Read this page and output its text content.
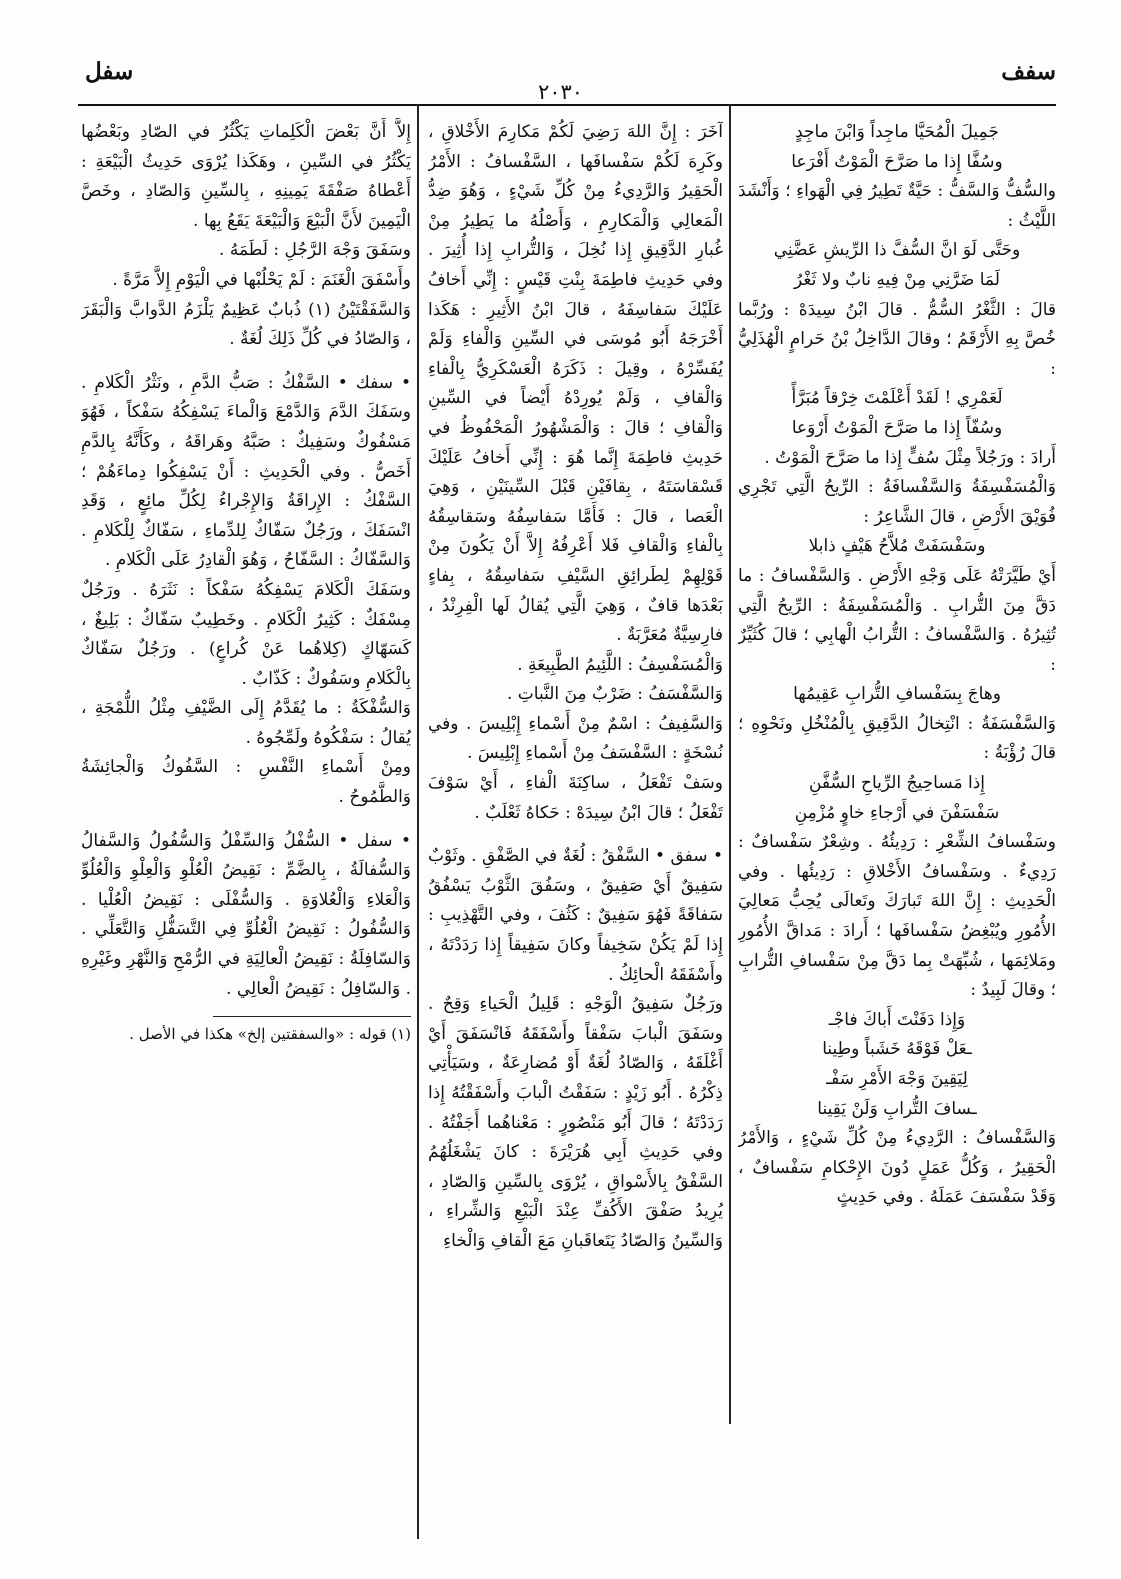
سفف
٢٠٣٠
سفل

جَمِيلَ الْمُحَيَّا ماجِداً وَابْنَ ماجِدٍ

وسُفَّا إِذا ما صَرَّحَ الْمَوْتُ أَفْرَعا

والسُّفُّ وَالسَّفُّ : حَيَّةٌ تَطِيرُ فِي الْهَواءِ ؛ وَأَنْشَدَ اللَّيْثُ :

وحَتَّى لَوَ انَّ السُّفَّ ذا الرِّيشِ عَضَّنِي

لَمَا ضَرَّنِي مِنْ فِيهِ نابٌ ولا ثَغْرُ

قالَ : الثَّغْرُ السُّمُّ . قالَ ابْنُ سِيدَهْ : ورُبَّما خُصَّ بِهِ الأَرْقَمُ ؛ وقالَ الدَّاخِلُ بْنُ حَرامٍ الْهُذَلِيُّ :

لَعَمْرِي ! لَقَدْ أَعْلَمْتَ خِرْقاً مُبَرَّأً

وسُفّاً إِذا ما صَرَّحَ الْمَوْتُ أَرْوَعا

أَرادَ : ورَجُلاً مِثْلَ سُفٍّ إِذا ما صَرَّحَ الْمَوْتُ .

وَالْمُسَفْسِفَةُ وَالسَّفْسافَةُ : الرِّيحُ الَّتِي تَجْرِي فُوَيْقَ الأَرْضِ ، قالَ الشَّاعِرُ :

وسَفْسَفَتْ مُلاَّحُ هَيْفٍ ذابلا

أَيْ طَيَّرَتْهُ عَلَى وَجْهِ الأَرْضِ . وَالسَّفْسافُ : ما دَقَّ مِنَ التُّرابِ . وَالْمُسَفْسِفَةُ : الرِّيحُ الَّتِي تُثِيرُهُ . وَالسَّفْسافُ : التُّرابُ الْهابِي ؛ قالَ كُثَيِّرٌ :

وهاجَ بِسَفْسافِ التُّرابِ عَقِيمُها

وَالسَّفْسَفَةُ : انْتِخالُ الدَّقِيقِ بِالْمُنْخُلِ ونَحْوِهِ ؛ قالَ رُؤْبَةُ :

إِذا مَساحِيجُ الرِّياحِ السُّفَّنِ

سَفْسَفْنَ في أَرْجاءِ خاوٍ مُزْمِنِ

وسَفْسافُ الشِّعْرِ : رَدِيئُهُ . وشِعْرٌ سَفْسافٌ : رَدِيءٌ . وسَفْسافُ الأَخْلاقِ : رَدِيئُها . وفي الْحَدِيثِ : إِنَّ اللهَ تَبارَكَ وتَعالَى يُحِبُّ مَعالِيَ الأُمُورِ ويُبْغِضُ سَفْسافَها ؛ أَرادَ : مَداقَّ الأُمُورِ ومَلائِمَها ، شُبِّهَتْ بِما دَقَّ مِنْ سَفْسافِ التُّرابِ ؛ وقالَ لَبِيدٌ :

وَإِذا دَفَنْتَ أَباكَ فاجْـ

ـعَلْ فَوْقَهُ خَشَباً وطِينا

لِيَقِينَ وَجْهَ الأَمْرِ سَفْـ

ـسافَ التُّرابِ وَلَنْ يَقِينا

وَالسَّفْسافُ : الرَّدِيءُ مِنْ كُلِّ شَيْءٍ ، وَالأَمْرُ الْحَقِيرُ ، وَكُلُّ عَمَلٍ دُونَ الإِحْكامِ سَفْسافٌ ، وَقَدْ سَفْسَفَ عَمَلَهُ . وفي حَدِيثٍ

آخَرَ : إِنَّ اللهَ رَضِيَ لَكُمْ مَكارِمَ الأَخْلاقِ ، وكَرِهَ لَكُمْ سَفْسافَها ، السَّفْسافُ : الأَمْرُ الْحَقِيرُ وَالرَّدِيءُ مِنْ كُلِّ شَيْءٍ ، وَهُوَ ضِدُّ الْمَعالِي وَالْمَكارِمِ ، وَأَصْلُهُ ما يَطِيرُ مِنْ غُبارِ الدَّقِيقِ إِذا نُخِلَ ، وَالتُّرابِ إِذا أُثِيرَ . وفي حَدِيثِ فاطِمَةَ بِنْتِ قَيْسٍ : إِنِّي أَخافُ عَلَيْكَ سَفاسِفَهُ ، قالَ ابْنُ الأَثِيرِ : هَكَذا أَخْرَجَهُ أَبُو مُوسَى في السِّينِ وَالْفاءِ وَلَمْ يُفَسِّرْهُ ، وقِيلَ : ذَكَرَهُ الْعَسْكَرِيُّ بِالْفاءِ وَالْقافِ ، وَلَمْ يُورِدْهُ أَيْضاً في السِّينِ وَالْقافِ ؛ قالَ : وَالْمَشْهُورُ الْمَحْفُوظُ في حَدِيثِ فاطِمَةَ إِنَّما هُوَ : إِنِّي أَخافُ عَلَيْكَ قَسْقاسَتَهُ ، بِقافَيْنِ قَبْلَ السِّينَيْنِ ، وَهِيَ الْعَصا ، قالَ : فَأَمَّا سَفاسِفُهُ وسَقاسِقُهُ بِالْفاءِ وَالْقافِ فَلا أَعْرِفُهُ إِلاَّ أَنْ يَكُونَ مِنْ قَوْلِهِمْ لِطَرائِقِ السَّيْفِ سَفاسِقُهُ ، بِفاءٍ بَعْدَها قافٌ ، وَهِيَ الَّتِي يُقالُ لَها الْفِرِنْدُ ، فارِسِيَّةٌ مُعَرَّبَةٌ .

وَالْمُسَفْسِفُ : اللَّئِيمُ الطَّبِيعَةِ .

وَالسَّفْسَفُ : ضَرْبٌ مِنَ النَّباتِ .

وَالسَّفِيفُ : اسْمٌ مِنْ أَسْماءِ إِبْلِيسَ . وفي نُسْخَةٍ : السَّفْسَفُ مِنْ أَسْماءِ إِبْلِيسَ .

وسَفْ تَفْعَلُ ، ساكِنَةَ الْفاءِ ، أَيْ سَوْفَ تَفْعَلُ ؛ قالَ ابْنُ سِيدَهْ : حَكاهُ ثَعْلَبٌ .

• سفق • السَّفْقُ : لُغَةٌ في الصَّفْقِ . وثَوْبٌ سَفِيقٌ أَيْ صَفِيقٌ ، وسَفُقَ الثَّوْبُ يَسْفُقُ سَفاقَةً فَهُوَ سَفِيقٌ : كَثُفَ ، وفي التَّهْذِيبِ : إِذا لَمْ يَكُنْ سَخِيفاً وكانَ سَفِيقاً إِذا رَدَدْتَهُ ، وأَسْفَقَهُ الْحائِكُ .

ورَجُلٌ سَفِيقُ الْوَجْهِ : قَلِيلُ الْحَياءِ وَقِحٌ . وسَفَقَ الْبابَ سَفْقاً وأَسْفَقَهُ فَانْسَفَقَ أَيْ أَغْلَقَهُ ، وَالصّادُ لُغَةٌ أَوْ مُضارِعَةٌ ، وسَيَأْتِي ذِكْرُهُ . أَبُو زَيْدٍ : سَفَقْتُ الْبابَ وأَسْفَقْتُهُ إِذا رَدَدْتَهُ ؛ قالَ أَبُو مَنْصُورٍ : مَعْناهُما أَجَفْتُهُ . وفي حَدِيثِ أَبِي هُرَيْرَةَ : كانَ يَشْغَلُهُمُ السَّفْقُ بِالأَسْواقِ ، يُرْوَى بِالسِّينِ وَالصّادِ ، يُرِيدُ صَفْقَ الأَكُفِّ عِنْدَ الْبَيْعِ وَالشِّراءِ ، وَالسِّينُ وَالصّادُ يَتَعاقَبانِ مَعَ الْقافِ وَالْخاءِ

إِلاَّ أَنَّ بَعْضَ الْكَلِماتِ يَكْثُرُ في الصّادِ وبَعْضُها يَكْثُرُ في السِّينِ ، وهَكَذا يُرْوَى حَدِيثُ الْبَيْعَةِ : أَعْطاهُ صَفْقَةَ يَمِينِهِ ، بِالسِّينِ وَالصّادِ ، وخَصَّ الْيَمِينَ لأَنَّ الْبَيْعَ وَالْبَيْعَةَ يَقَعُ بِها .

وسَفَقَ وَجْهَ الرَّجُلِ : لَطَمَهُ .

وأَسْفَقَ الْغَنَمَ : لَمْ يَحْلُبْها في الْيَوْمِ إِلاَّ مَرَّةً .

وَالسَّفَقْتَيْنُ (١) ذُبابٌ عَظِيمٌ يَلْزَمُ الدَّوابَّ وَالْبَقَرَ ، وَالصّادُ في كُلِّ ذَلِكَ لُغَةٌ .

• سفك • السَّفْكُ : صَبُّ الدَّمِ ، ونَثْرُ الْكَلامِ . وسَفَكَ الدَّمَ وَالدَّمْعَ وَالْماءَ يَسْفِكُهُ سَفْكاً ، فَهُوَ مَسْفُوكٌ وسَفِيكٌ : صَبَّهُ وهَراقَهُ ، وكَأَنَّهُ بِالدَّمِ أَخَصُّ . وفي الْحَدِيثِ : أَنْ يَسْفِكُوا دِماءَهُمْ ؛ السَّفْكُ : الإِراقَةُ وَالإِجْراءُ لِكُلِّ مائِعٍ ، وَقَدِ انْسَفَكَ ، ورَجُلٌ سَفّاكٌ لِلدِّماءِ ، سَفّاكٌ لِلْكَلامِ . وَالسَّفّاكُ : السَّفّاحُ ، وَهُوَ الْقادِرُ عَلَى الْكَلامِ .

وسَفَكَ الْكَلامَ يَسْفِكُهُ سَفْكاً : نَثَرَهُ . ورَجُلٌ مِسْفَكٌ : كَثِيرُ الْكَلامِ . وخَطِيبٌ سَفّاكٌ : بَلِيغٌ ، كَسَهّاكٍ (كِلاهُما عَنْ كُراعٍ) . ورَجُلٌ سَفّاكٌ بِالْكَلامِ وسَفُوكٌ : كَذّابٌ .

وَالسُّفْكَةُ : ما يُقَدَّمُ إِلَى الضَّيْفِ مِثْلُ اللُّمْجَةِ ، يُقالُ : سَفْكُوهُ ولَمِّجُوهُ .

ومِنْ أَسْماءِ النَّفْسِ : السَّفُوكُ وَالْجائِشَةُ وَالطَّمُوحُ .

• سفل • السُّفْلُ وَالسِّفْلُ وَالسُّفُولُ وَالسَّفالُ وَالسُّفالَةُ ، بِالضَّمِّ : نَقِيضُ الْعُلْوِ وَالْعِلْوِ وَالْعُلُوِّ وَالْعَلاءِ وَالْعُلاوَةِ . وَالسُّفْلَى : نَقِيضُ الْعُلْيا . وَالسُّفُولُ : نَقِيضُ الْعُلُوِّ فِي التَّسَفُّلِ وَالتَّعَلِّي . وَالسّافِلَةُ : نَقِيضُ الْعالِيَةِ في الرُّمْحِ وَالنَّهْرِ وغَيْرِهِ . وَالسّافِلُ : نَقِيضُ الْعالِي .

(١) قوله : «والسفقتين إلخ» هكذا في الأصل .
